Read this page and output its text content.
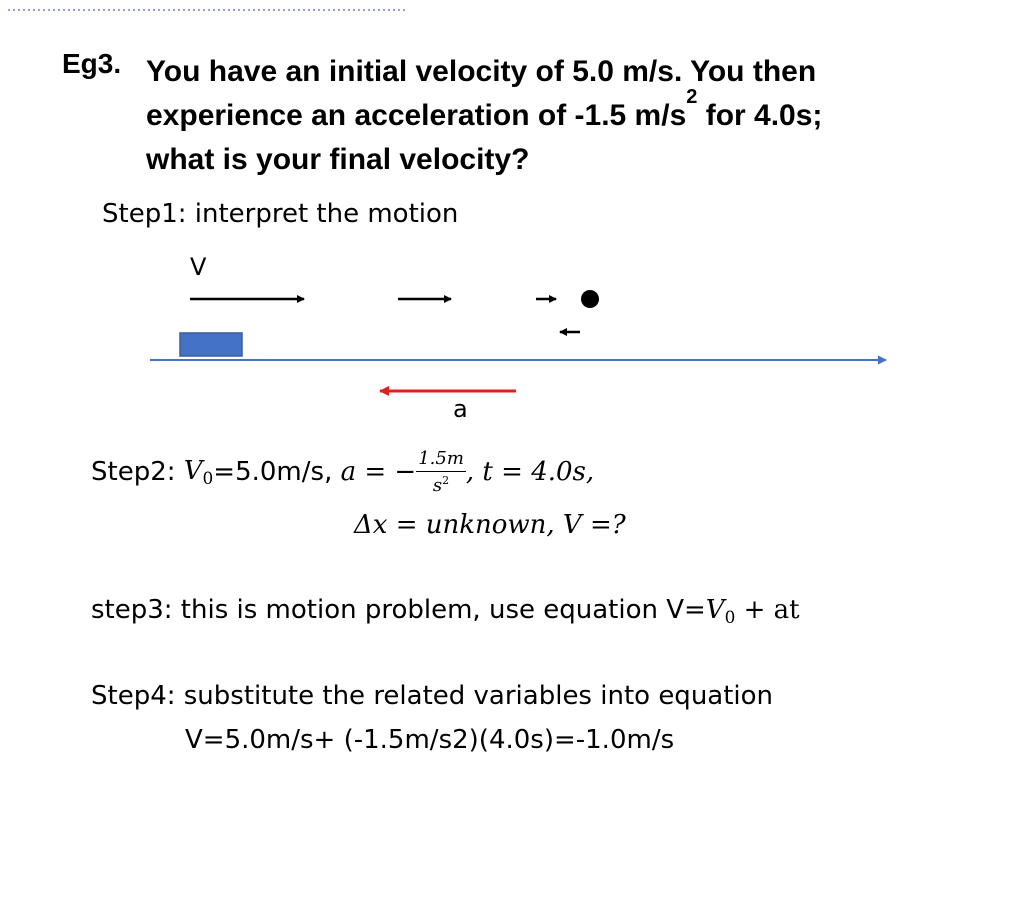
Eg3. You have an initial velocity of 5.0 m/s. You then
experience an acceleration of -1.5 $m/s^2$ for 4.0s;
what is your final velocity?
Step1: interpret the motion
V
a
Step2: $V_0 =5.0m/s$, a = − $\frac{1.5m}{s^2}$ , t = 4.0s,
Δx = unknown, V =?
step3: this is motion problem, use equation $V=V_0$ + at
Step4: substitute the related variables into equation
V=5.0m/s+ (-1.5m/s2)(4.0s)=-1.0m/s
